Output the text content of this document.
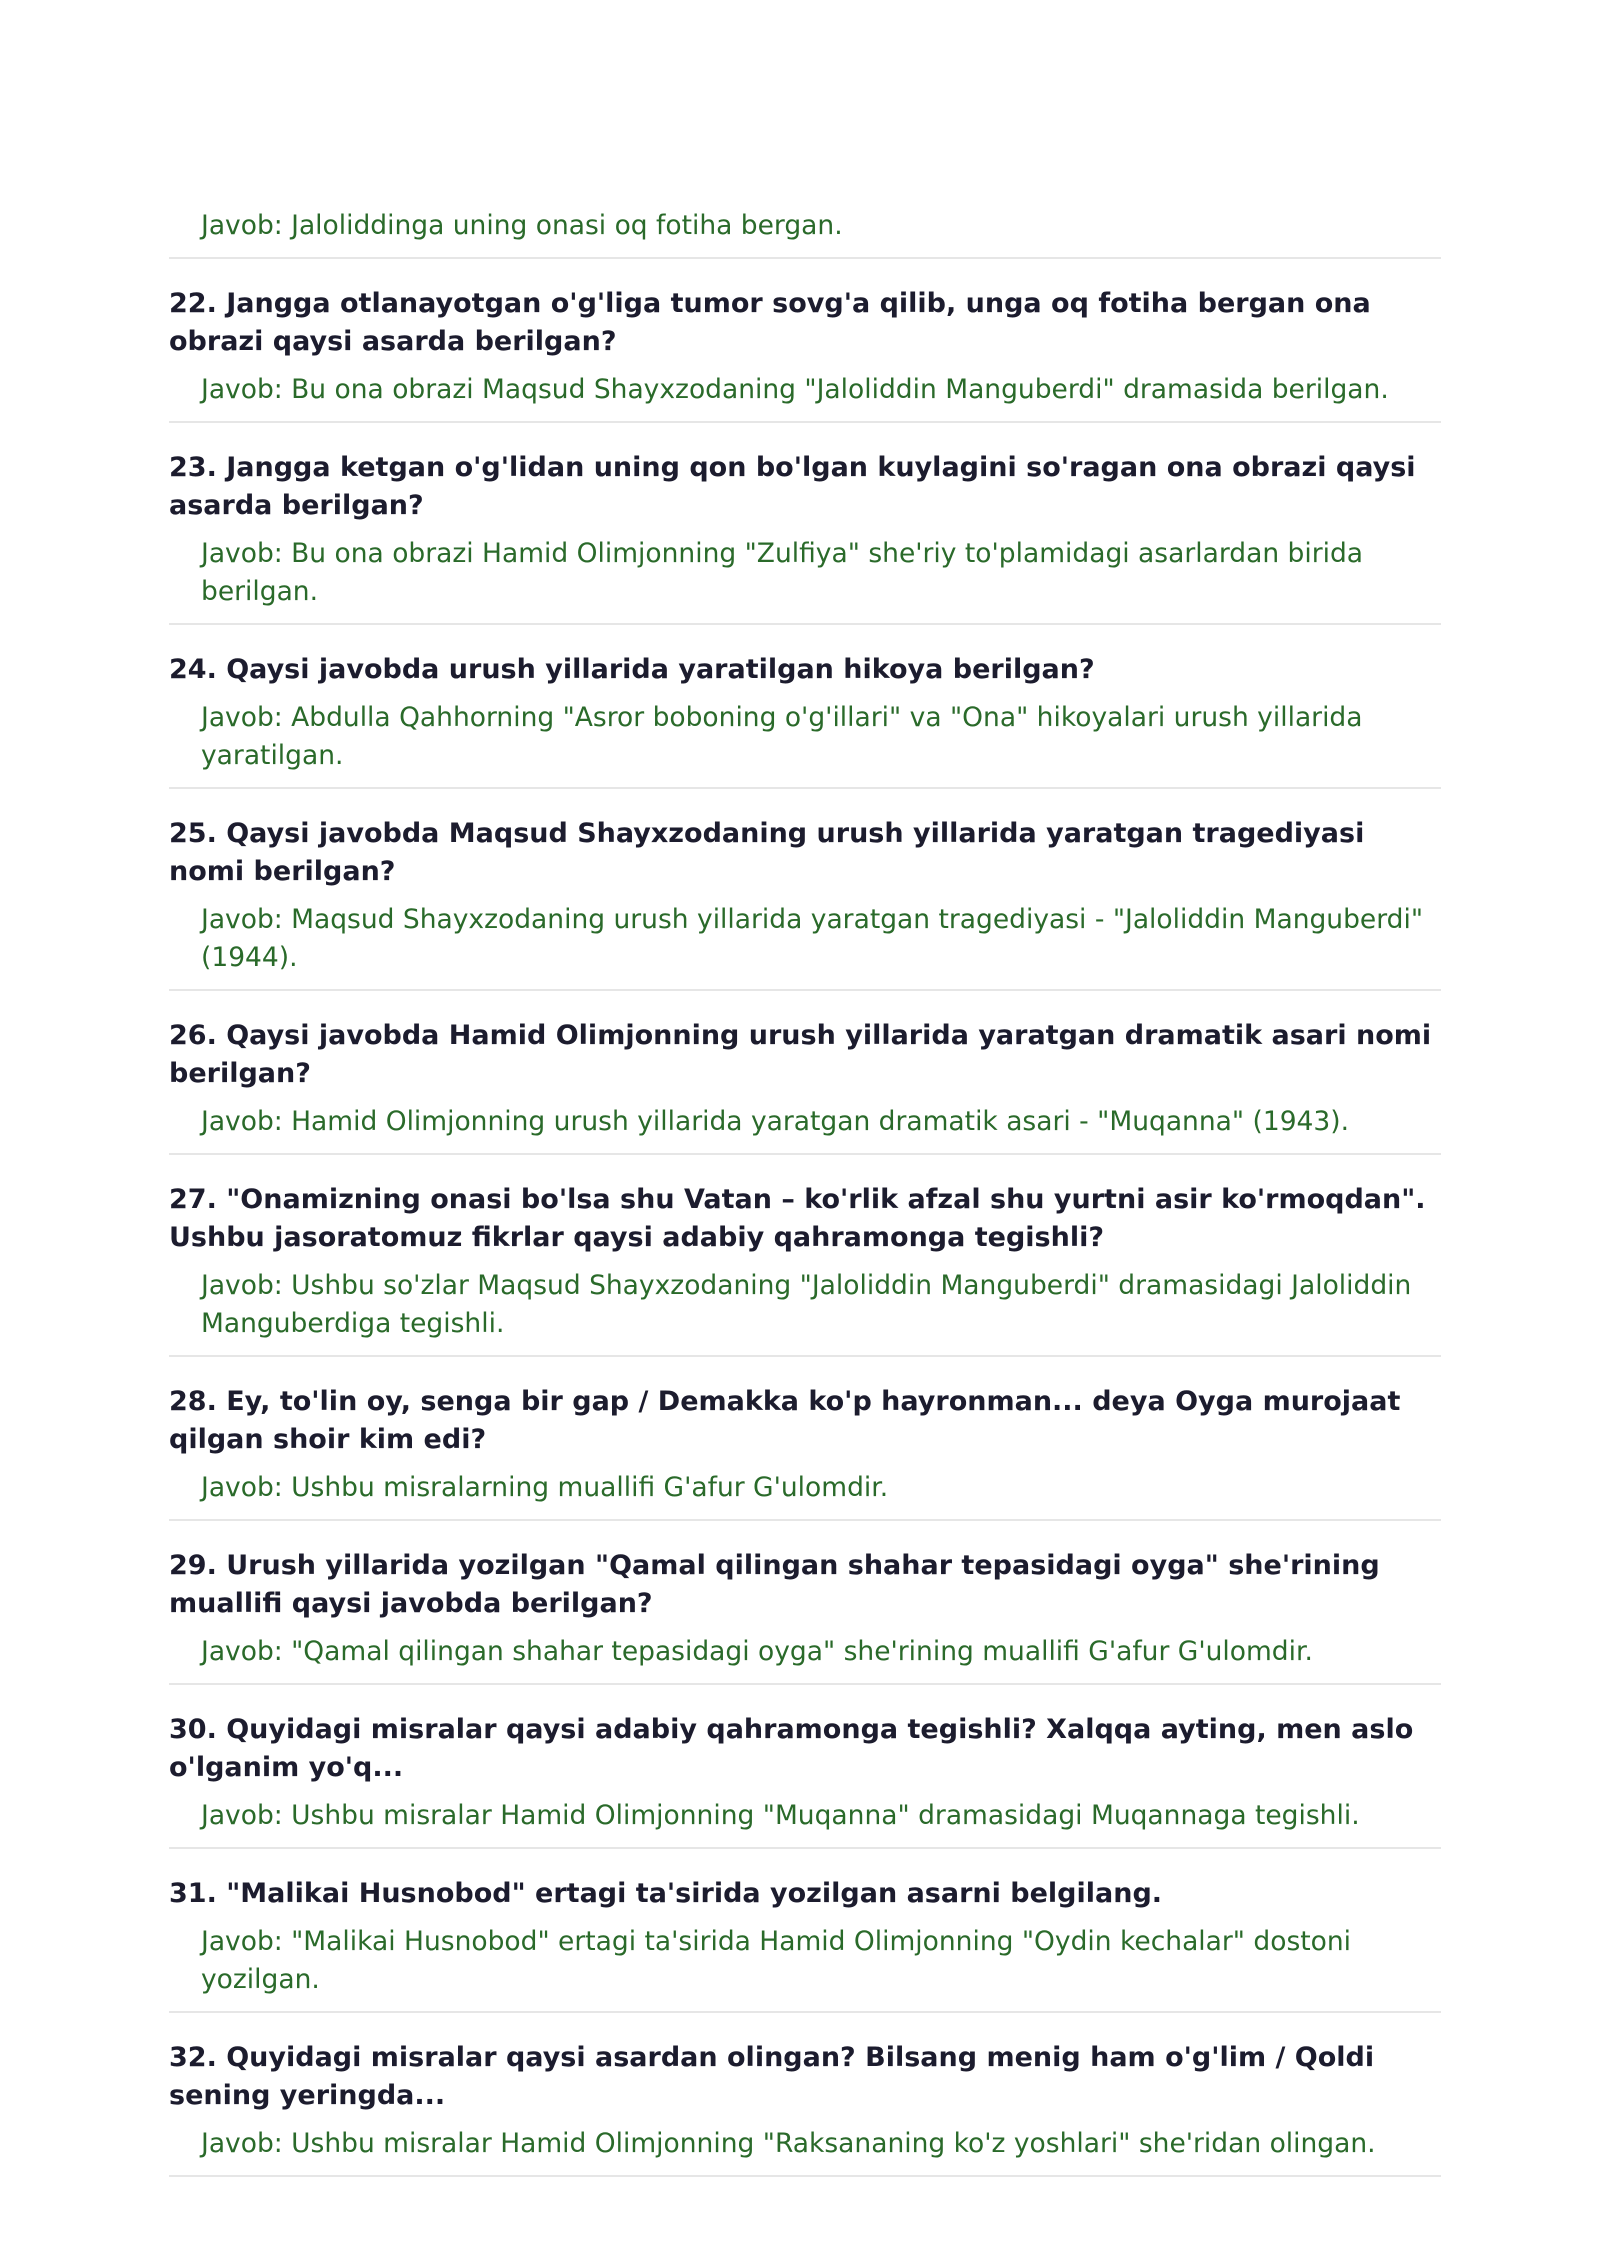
Javob: Jaloliddinga uning onasi oq fotiha bergan.

22. Jangga otlanayotgan o'g'liga tumor sovg'a qilib, unga oq fotiha bergan ona obrazi qaysi asarda berilgan?

Javob: Bu ona obrazi Maqsud Shayxzodaning "Jaloliddin Manguberdi" dramasida berilgan.

23. Jangga ketgan o'g'lidan uning qon bo'lgan kuylagini so'ragan ona obrazi qaysi asarda berilgan?

Javob: Bu ona obrazi Hamid Olimjonning "Zulfiya" she'riy to'plamidagi asarlardan birida berilgan.

24. Qaysi javobda urush yillarida yaratilgan hikoya berilgan?

Javob: Abdulla Qahhorning "Asror boboning o'g'illari" va "Ona" hikoyalari urush yillarida yaratilgan.

25. Qaysi javobda Maqsud Shayxzodaning urush yillarida yaratgan tragediyasi nomi berilgan?

Javob: Maqsud Shayxzodaning urush yillarida yaratgan tragediyasi - "Jaloliddin Manguberdi" (1944).

26. Qaysi javobda Hamid Olimjonning urush yillarida yaratgan dramatik asari nomi berilgan?

Javob: Hamid Olimjonning urush yillarida yaratgan dramatik asari - "Muqanna" (1943).

27. "Onamizning onasi bo'lsa shu Vatan – ko'rlik afzal shu yurtni asir ko'rmoqdan". Ushbu jasoratomuz fikrlar qaysi adabiy qahramonga tegishli?

Javob: Ushbu so'zlar Maqsud Shayxzodaning "Jaloliddin Manguberdi" dramasidagi Jaloliddin Manguberdiga tegishli.

28. Ey, to'lin oy, senga bir gap / Demakka ko'p hayronman... deya Oyga murojaat qilgan shoir kim edi?

Javob: Ushbu misralarning muallifi G'afur G'ulomdir.

29. Urush yillarida yozilgan "Qamal qilingan shahar tepasidagi oyga" she'rining muallifi qaysi javobda berilgan?

Javob: "Qamal qilingan shahar tepasidagi oyga" she'rining muallifi G'afur G'ulomdir.

30. Quyidagi misralar qaysi adabiy qahramonga tegishli? Xalqqa ayting, men aslo o'lganim yo'q...

Javob: Ushbu misralar Hamid Olimjonning "Muqanna" dramasidagi Muqannaga tegishli.

31. "Malikai Husnobod" ertagi ta'sirida yozilgan asarni belgilang.

Javob: "Malikai Husnobod" ertagi ta'sirida Hamid Olimjonning "Oydin kechalar" dostoni yozilgan.

32. Quyidagi misralar qaysi asardan olingan? Bilsang menig ham o'g'lim / Qoldi sening yeringda...

Javob: Ushbu misralar Hamid Olimjonning "Raksananing ko'z yoshlari" she'ridan olingan.
